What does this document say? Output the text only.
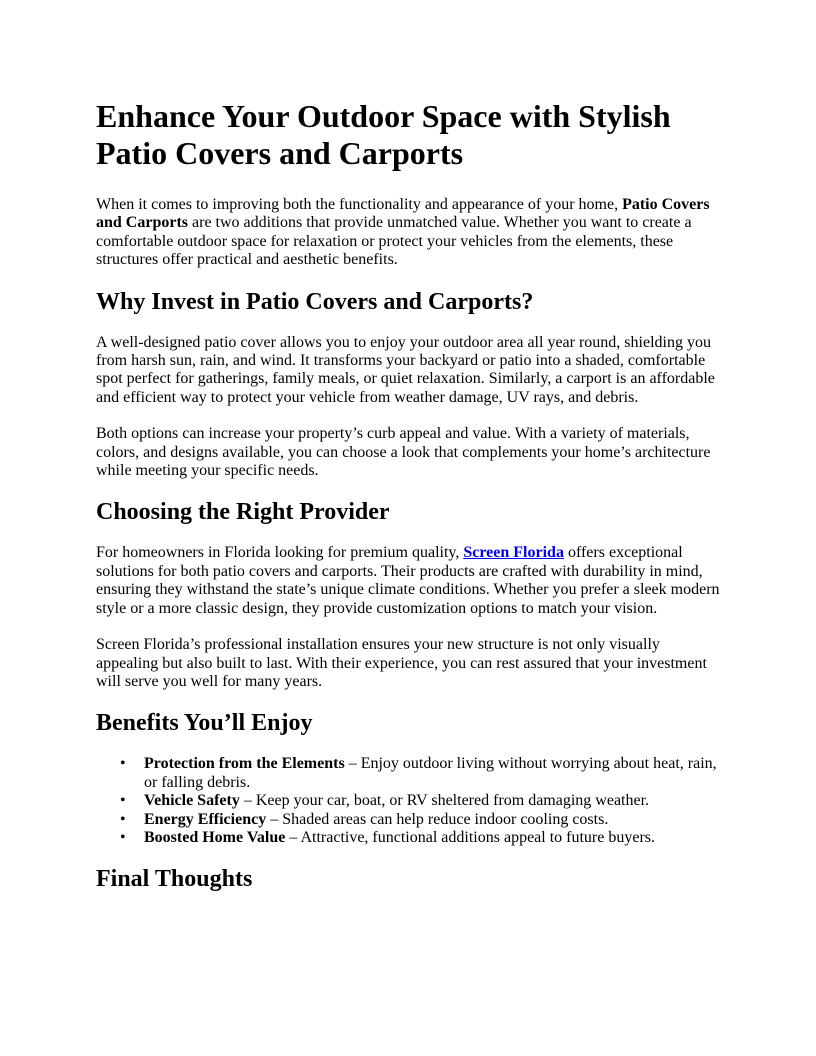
Enhance Your Outdoor Space with Stylish Patio Covers and Carports

When it comes to improving both the functionality and appearance of your home, Patio Covers and Carports are two additions that provide unmatched value. Whether you want to create a comfortable outdoor space for relaxation or protect your vehicles from the elements, these structures offer practical and aesthetic benefits.

Why Invest in Patio Covers and Carports?

A well-designed patio cover allows you to enjoy your outdoor area all year round, shielding you from harsh sun, rain, and wind. It transforms your backyard or patio into a shaded, comfortable spot perfect for gatherings, family meals, or quiet relaxation. Similarly, a carport is an affordable and efficient way to protect your vehicle from weather damage, UV rays, and debris.

Both options can increase your property’s curb appeal and value. With a variety of materials, colors, and designs available, you can choose a look that complements your home’s architecture while meeting your specific needs.

Choosing the Right Provider

For homeowners in Florida looking for premium quality, Screen Florida offers exceptional solutions for both patio covers and carports. Their products are crafted with durability in mind, ensuring they withstand the state’s unique climate conditions. Whether you prefer a sleek modern style or a more classic design, they provide customization options to match your vision.

Screen Florida’s professional installation ensures your new structure is not only visually appealing but also built to last. With their experience, you can rest assured that your investment will serve you well for many years.

Benefits You’ll Enjoy
• Protection from the Elements – Enjoy outdoor living without worrying about heat, rain, or falling debris.
• Vehicle Safety – Keep your car, boat, or RV sheltered from damaging weather.
• Energy Efficiency – Shaded areas can help reduce indoor cooling costs.
• Boosted Home Value – Attractive, functional additions appeal to future buyers.
Final Thoughts
